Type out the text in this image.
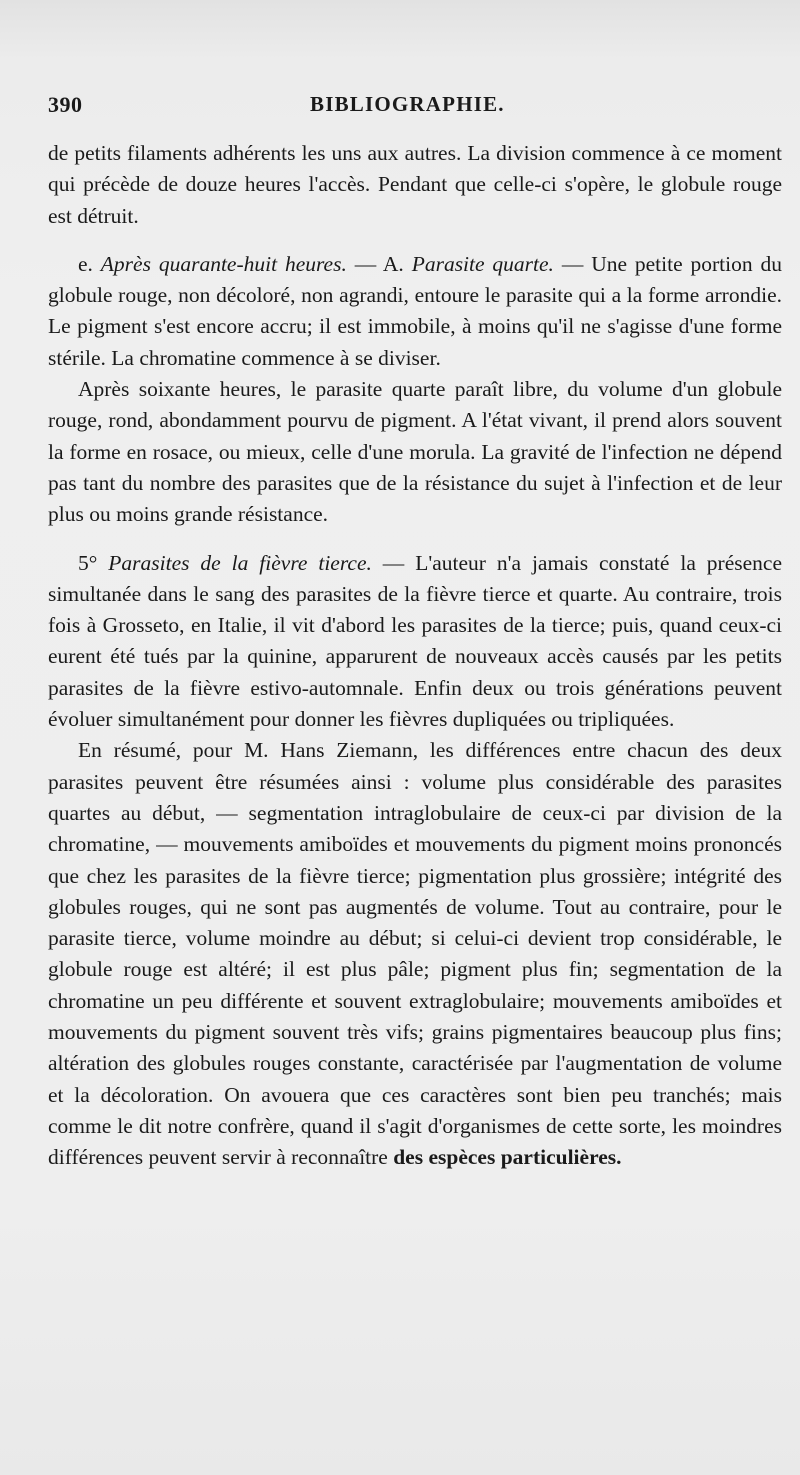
390	BIBLIOGRAPHIE.

de petits filaments adhérents les uns aux autres. La division commence à ce moment qui précède de douze heures l'accès. Pendant que celle-ci s'opère, le globule rouge est détruit.

e. Après quarante-huit heures. — A. Parasite quarte. — Une petite portion du globule rouge, non décoloré, non agrandi, entoure le parasite qui a la forme arrondie. Le pigment s'est encore accru; il est immobile, à moins qu'il ne s'agisse d'une forme stérile. La chromatine commence à se diviser.

Après soixante heures, le parasite quarte paraît libre, du volume d'un globule rouge, rond, abondamment pourvu de pigment. A l'état vivant, il prend alors souvent la forme en rosace, ou mieux, celle d'une morula. La gravité de l'infection ne dépend pas tant du nombre des parasites que de la résistance du sujet à l'infection et de leur plus ou moins grande résistance.

5° Parasites de la fièvre tierce. — L'auteur n'a jamais constaté la présence simultanée dans le sang des parasites de la fièvre tierce et quarte. Au contraire, trois fois à Grosseto, en Italie, il vit d'abord les parasites de la tierce; puis, quand ceux-ci eurent été tués par la quinine, apparurent de nouveaux accès causés par les petits parasites de la fièvre estivo-automnale. Enfin deux ou trois générations peuvent évoluer simultanément pour donner les fièvres dupliquées ou tripliquées.

En résumé, pour M. Hans Ziemann, les différences entre chacun des deux parasites peuvent être résumées ainsi : volume plus considérable des parasites quartes au début, — segmentation intraglobulaire de ceux-ci par division de la chromatine, — mouvements amiboïdes et mouvements du pigment moins prononcés que chez les parasites de la fièvre tierce; pigmentation plus grossière; intégrité des globules rouges, qui ne sont pas augmentés de volume. Tout au contraire, pour le parasite tierce, volume moindre au début; si celui-ci devient trop considérable, le globule rouge est altéré; il est plus pâle; pigment plus fin; segmentation de la chromatine un peu différente et souvent extraglobulaire; mouvements amiboïdes et mouvements du pigment souvent très vifs; grains pigmentaires beaucoup plus fins; altération des globules rouges constante, caractérisée par l'augmentation de volume et la décoloration. On avouera que ces caractères sont bien peu tranchés; mais comme le dit notre confrère, quand il s'agit d'organismes de cette sorte, les moindres différences peuvent servir à reconnaître des espèces particulières.
